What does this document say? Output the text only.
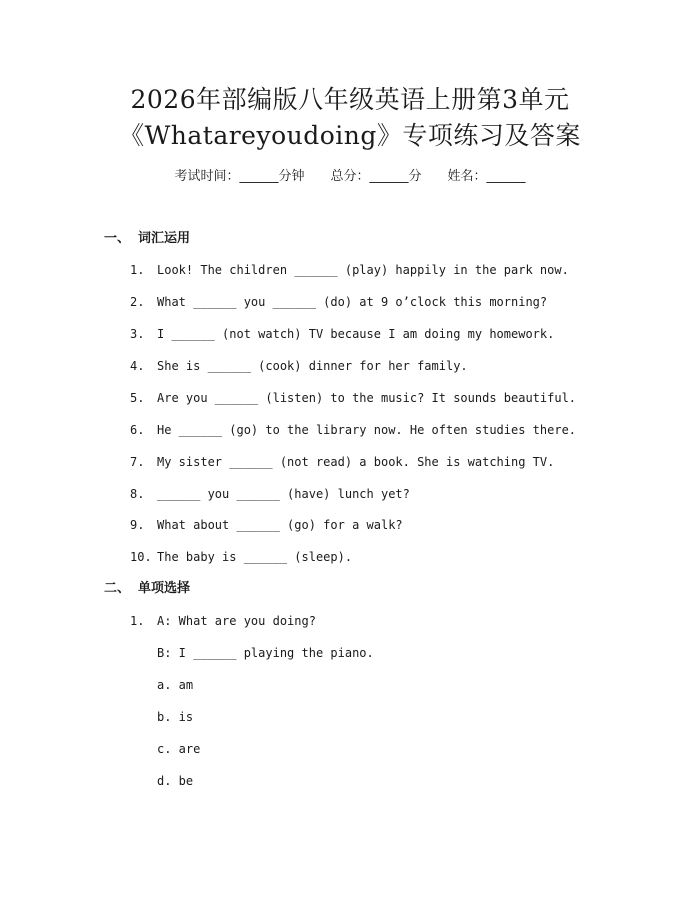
2026年部编版八年级英语上册第3单元
《Whatareyoudoing》专项练习及答案
考试时间：______分钟 总分：______分 姓名：______
一、 词汇运用
1. Look! The children ______ (play) happily in the park now.
2. What ______ you ______ (do) at 9 o’clock this morning?
3. I ______ (not watch) TV because I am doing my homework.
4. She is ______ (cook) dinner for her family.
5. Are you ______ (listen) to the music? It sounds beautiful.
6. He ______ (go) to the library now. He often studies there.
7. My sister ______ (not read) a book. She is watching TV.
8. ______ you ______ (have) lunch yet?
9. What about ______ (go) for a walk?
10. The baby is ______ (sleep).
二、 单项选择
1. A: What are you doing?
B: I ______ playing the piano.
a. am
b. is
c. are
d. be
